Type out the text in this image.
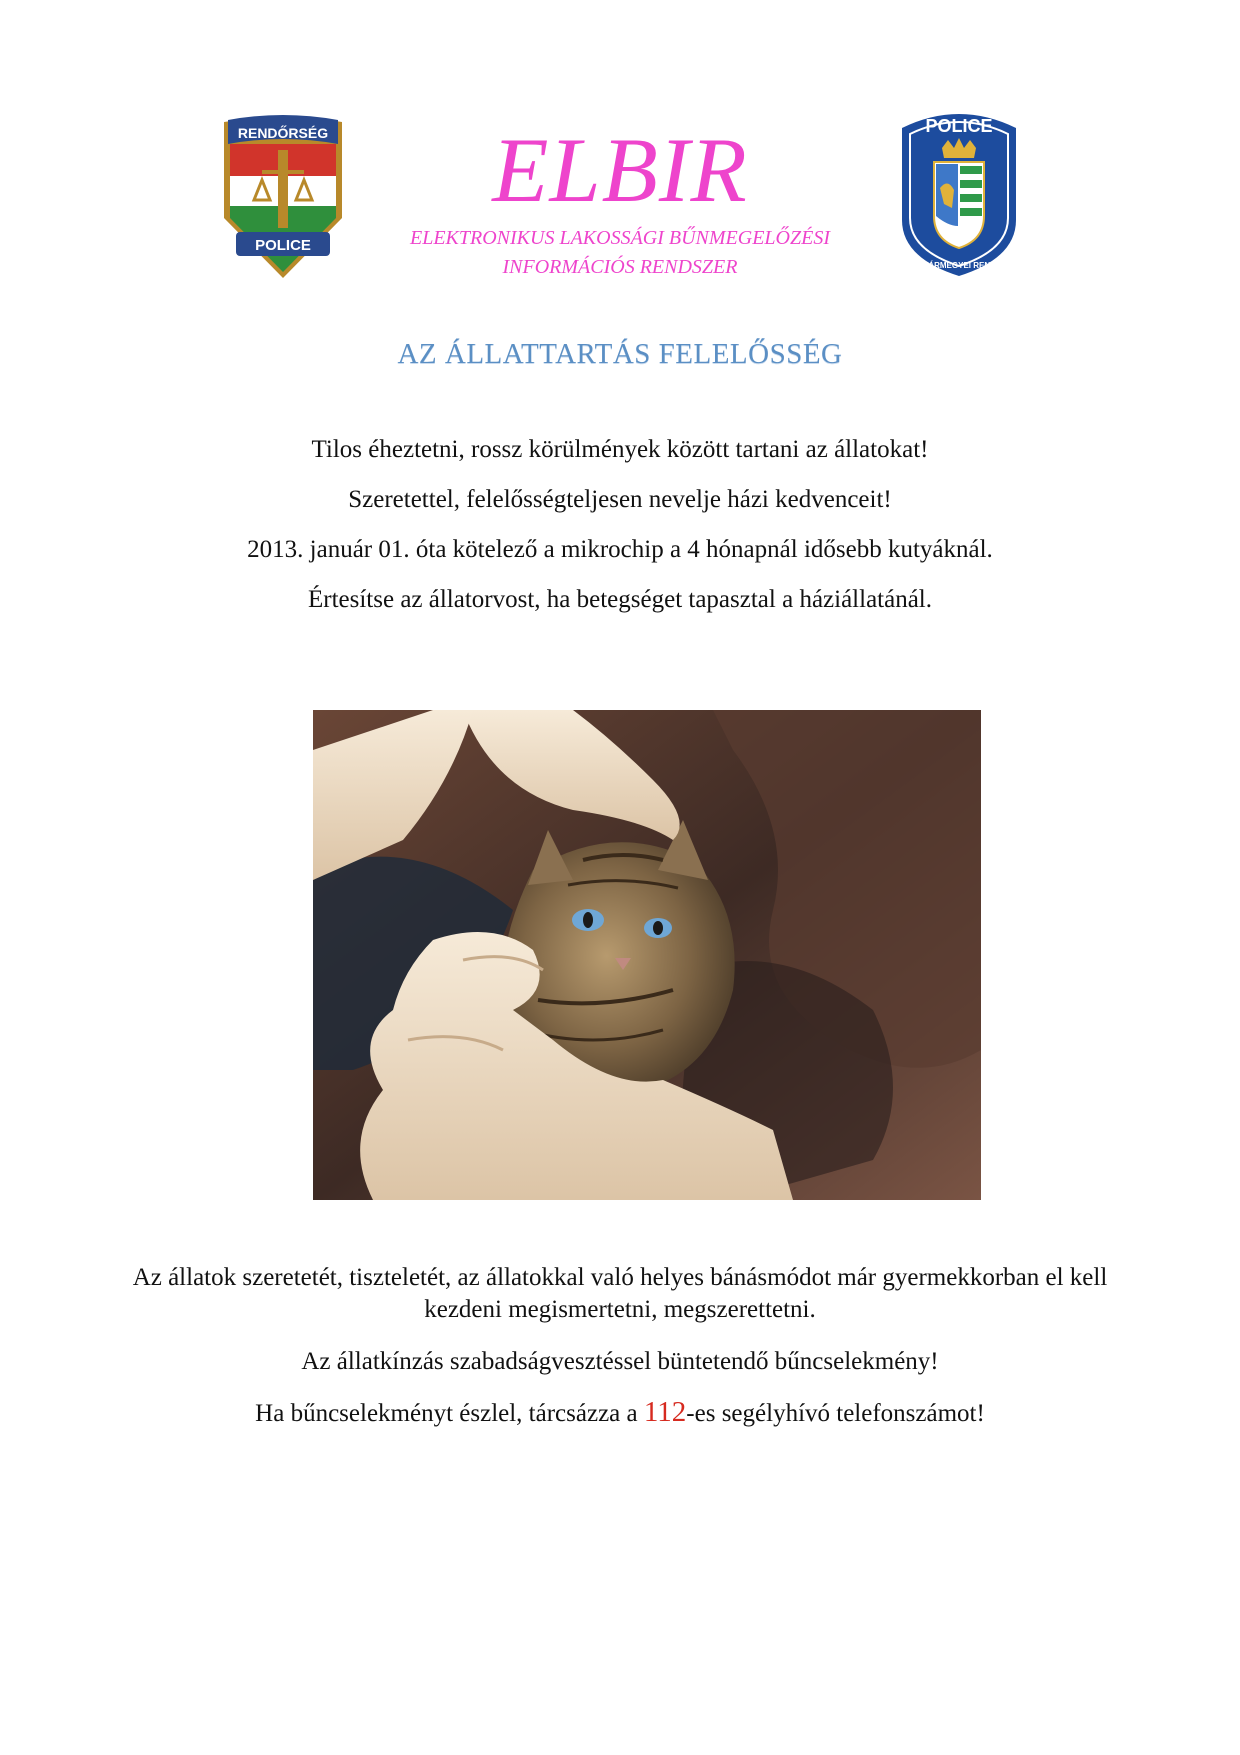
RENDŐRSÉG
POLICE
ELBIR
ELEKTRONIKUS LAKOSSÁGI BŰNMEGELŐZÉSI
INFORMÁCIÓS RENDSZER
POLICE
BÉKÉS VÁRMEGYEI RENDŐRSÉG
AZ ÁLLATTARTÁS FELELŐSSÉG
Tilos éheztetni, rossz körülmények között tartani az állatokat!
Szeretettel, felelősségteljesen nevelje házi kedvenceit!
2013. január 01. óta kötelező a mikrochip a 4 hónapnál idősebb kutyáknál.
Értesítse az állatorvost, ha betegséget tapasztal a háziállatánál.
Az állatok szeretetét, tiszteletét, az állatokkal való helyes bánásmódot már gyermekkorban el kell kezdeni megismertetni, megszerettetni.
Az állatkínzás szabadságvesztéssel büntetendő bűncselekmény!
Ha bűncselekményt észlel, tárcsázza a 112-es segélyhívó telefonszámot!
